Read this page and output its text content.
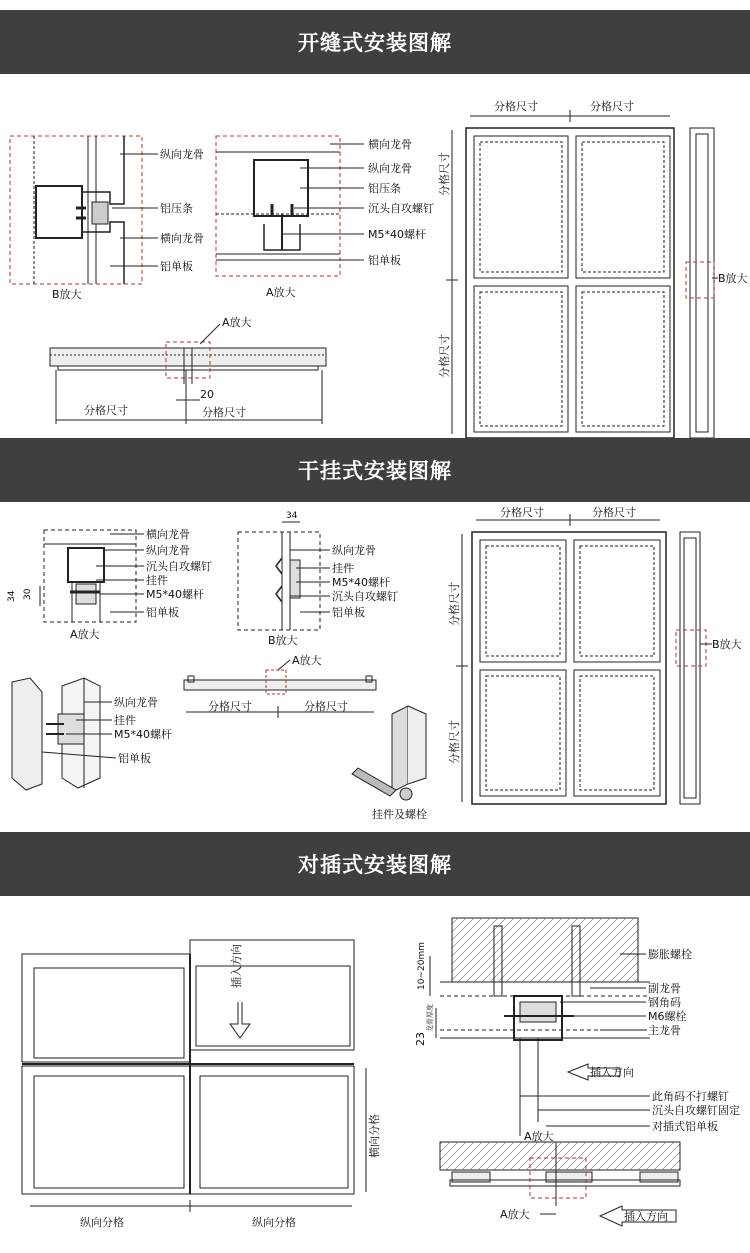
开缝式安装图解
干挂式安装图解
对插式安装图解
纵向龙骨
铝压条
横向龙骨
铝单板
B放大
横向龙骨
纵向龙骨
铝压条
沉头自攻螺钉
M5*40螺杆
铝单板
A放大
A放大
20
分格尺寸	分格尺寸
分格尺寸	分格尺寸
分格尺寸
分格尺寸
B放大
横向龙骨
纵向龙骨
沉头自攻螺钉
挂件
M5*40螺杆
铝单板
34 30
A放大
34
纵向龙骨
挂件
M5*40螺杆
沉头自攻螺钉
铝单板
B放大
纵向龙骨
挂件
M5*40螺杆
铝单板
A放大
分格尺寸	分格尺寸
挂件及螺栓
分格尺寸	分格尺寸
分格尺寸
分格尺寸
B放大
插入方向
横向分格
纵向分格	纵向分格
膨胀螺栓
副龙骨
钢角码
M6螺栓
主龙骨
10~20mm
23
龙骨厚度
插入方向
此角码不打螺钉
沉头自攻螺钉固定
对插式铝单板
A放大
A放大	插入方向
